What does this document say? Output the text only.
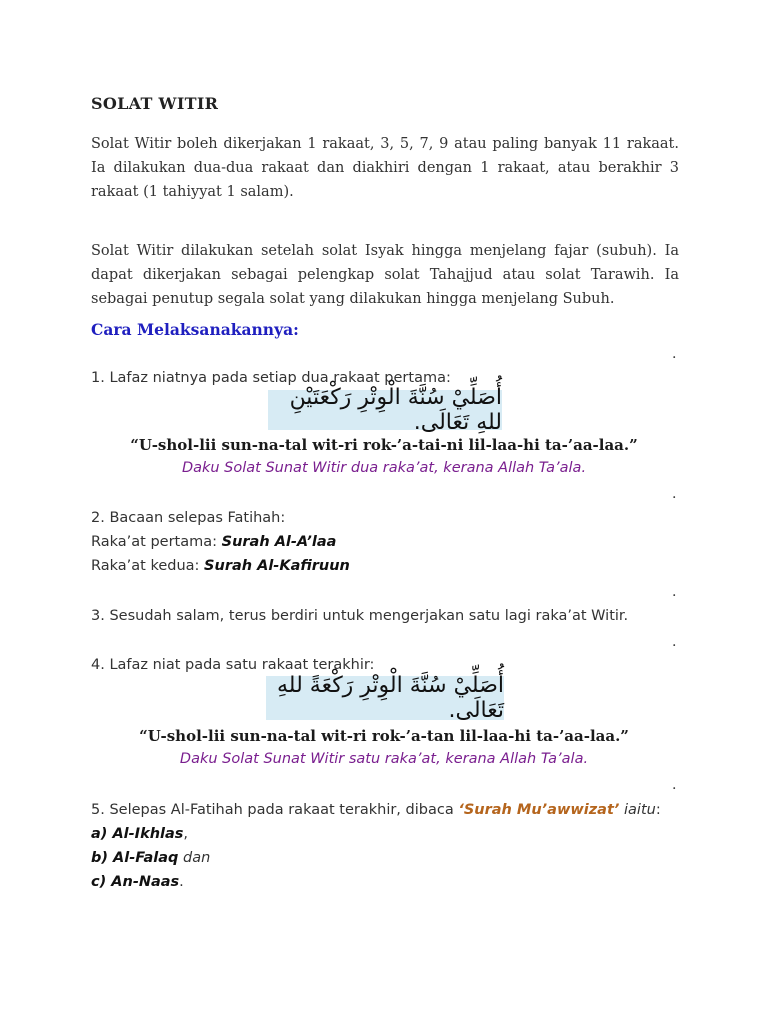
SOLAT WITIR

Solat Witir boleh dikerjakan 1 rakaat, 3, 5, 7, 9 atau paling banyak 11 rakaat. Ia dilakukan dua-dua rakaat dan diakhiri dengan 1 rakaat, atau berakhir 3 rakaat (1 tahiyyat 1 salam).

Solat Witir dilakukan setelah solat Isyak hingga menjelang fajar (subuh). Ia dapat dikerjakan sebagai pelengkap solat Tahajjud atau solat Tarawih. Ia sebagai penutup segala solat yang dilakukan hingga menjelang Subuh.

Cara Melaksanakannya:
.
1. Lafaz niatnya pada setiap dua rakaat pertama:
أُصَلِّيْ سُنَّةَ الْوِتْرِ رَكْعَتَيْنِ للهِ تَعَالَى.
“U-shol-lii sun-na-tal wit-ri rok-’a-tai-ni lil-laa-hi ta-’aa-laa.”
Daku Solat Sunat Witir dua raka’at, kerana Allah Ta’ala.
.
2. Bacaan selepas Fatihah:
Raka’at pertama: Surah Al-A’laa
Raka’at kedua: Surah Al-Kafiruun
.
3. Sesudah salam, terus berdiri untuk mengerjakan satu lagi raka’at Witir.
.
4. Lafaz niat pada satu rakaat terakhir:
أُصَلِّيْ سُنَّةَ الْوِتْرِ رَكْعَةً للهِ تَعَالَى.
“U-shol-lii sun-na-tal wit-ri rok-’a-tan lil-laa-hi ta-’aa-laa.”
Daku Solat Sunat Witir satu raka’at, kerana Allah Ta’ala.
.
5. Selepas Al-Fatihah pada rakaat terakhir, dibaca ‘Surah Mu’awwizat’ iaitu:
a) Al-Ikhlas,
b) Al-Falaq dan
c) An-Naas.
